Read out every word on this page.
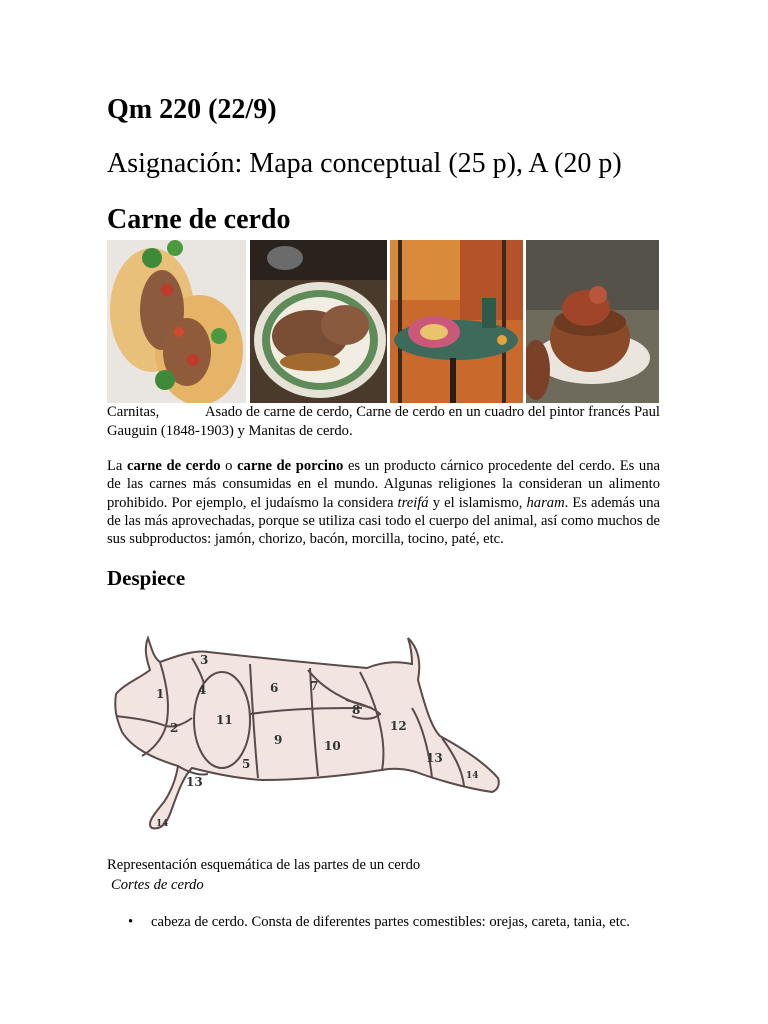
Qm 220 (22/9)
Asignación: Mapa conceptual (25 p), A (20 p)
Carne de cerdo
Carnitas,	Asado de carne de cerdo, Carne de cerdo en un cuadro del pintor francés Paul Gauguin (1848-1903) y Manitas de cerdo.
La carne de cerdo o carne de porcino es un producto cárnico procedente del cerdo. Es una de las carnes más consumidas en el mundo. Algunas religiones la consideran un alimento prohibido. Por ejemplo, el judaísmo la considera treifá y el islamismo, haram. Es además una de las más aprovechadas, porque se utiliza casi todo el cuerpo del animal, así como muchos de sus subproductos: jamón, chorizo, bacón, morcilla, tocino, paté, etc.
Despiece
1
2
3
4
5
6	7
8
9	10
11	12
13
13
14
14
Representación esquemática de las partes de un cerdo
Cortes de cerdo
• cabeza de cerdo. Consta de diferentes partes comestibles: orejas, careta, tania, etc.
